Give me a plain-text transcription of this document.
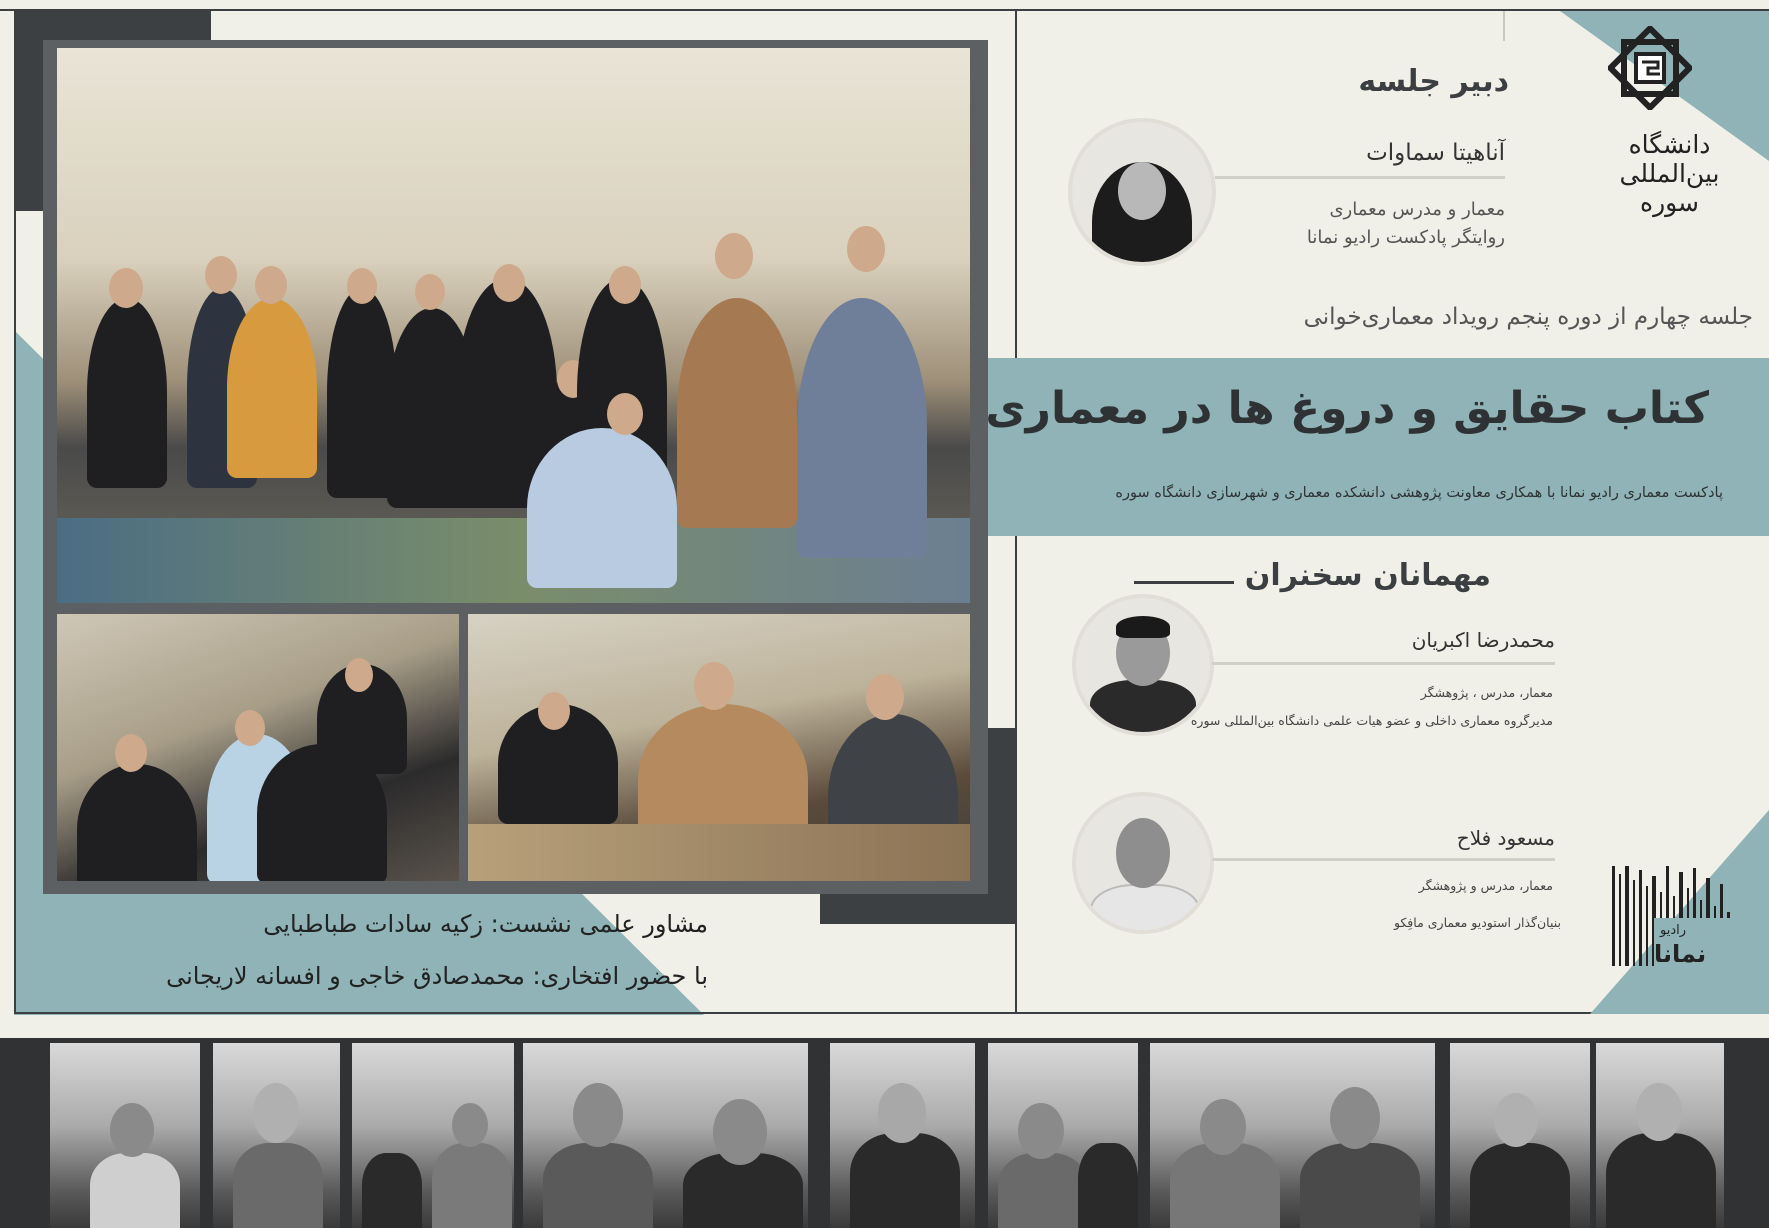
دانشگاه بین‌المللی سوره
دبیر جلسه
آناهیتا سماوات
معمار و مدرس معماری
روایتگر پادکست رادیو نمانا
جلسه چهارم از دوره پنجم رویداد معماری‌خوانی
کتاب حقایق و دروغ ها در معماری
پادکست معماری رادیو نمانا با همکاری معاونت پژوهشی دانشکده معماری و شهرسازی دانشگاه سوره
مهمانان سخنران
محمدرضا اکبریان
معمار، مدرس ، پژوهشگر
مدیرگروه معماری داخلی و عضو هیات علمی دانشگاه بین‌المللی سوره
مسعود فلاح
معمار، مدرس و پژوهشگر
بنیان‌گذار استودیو معماری مافِکو
رادیو
نمانا
مشاور علمی نشست: زکیه سادات طباطبایی
با حضور افتخاری: محمدصادق خاجی و افسانه لاریجانی
